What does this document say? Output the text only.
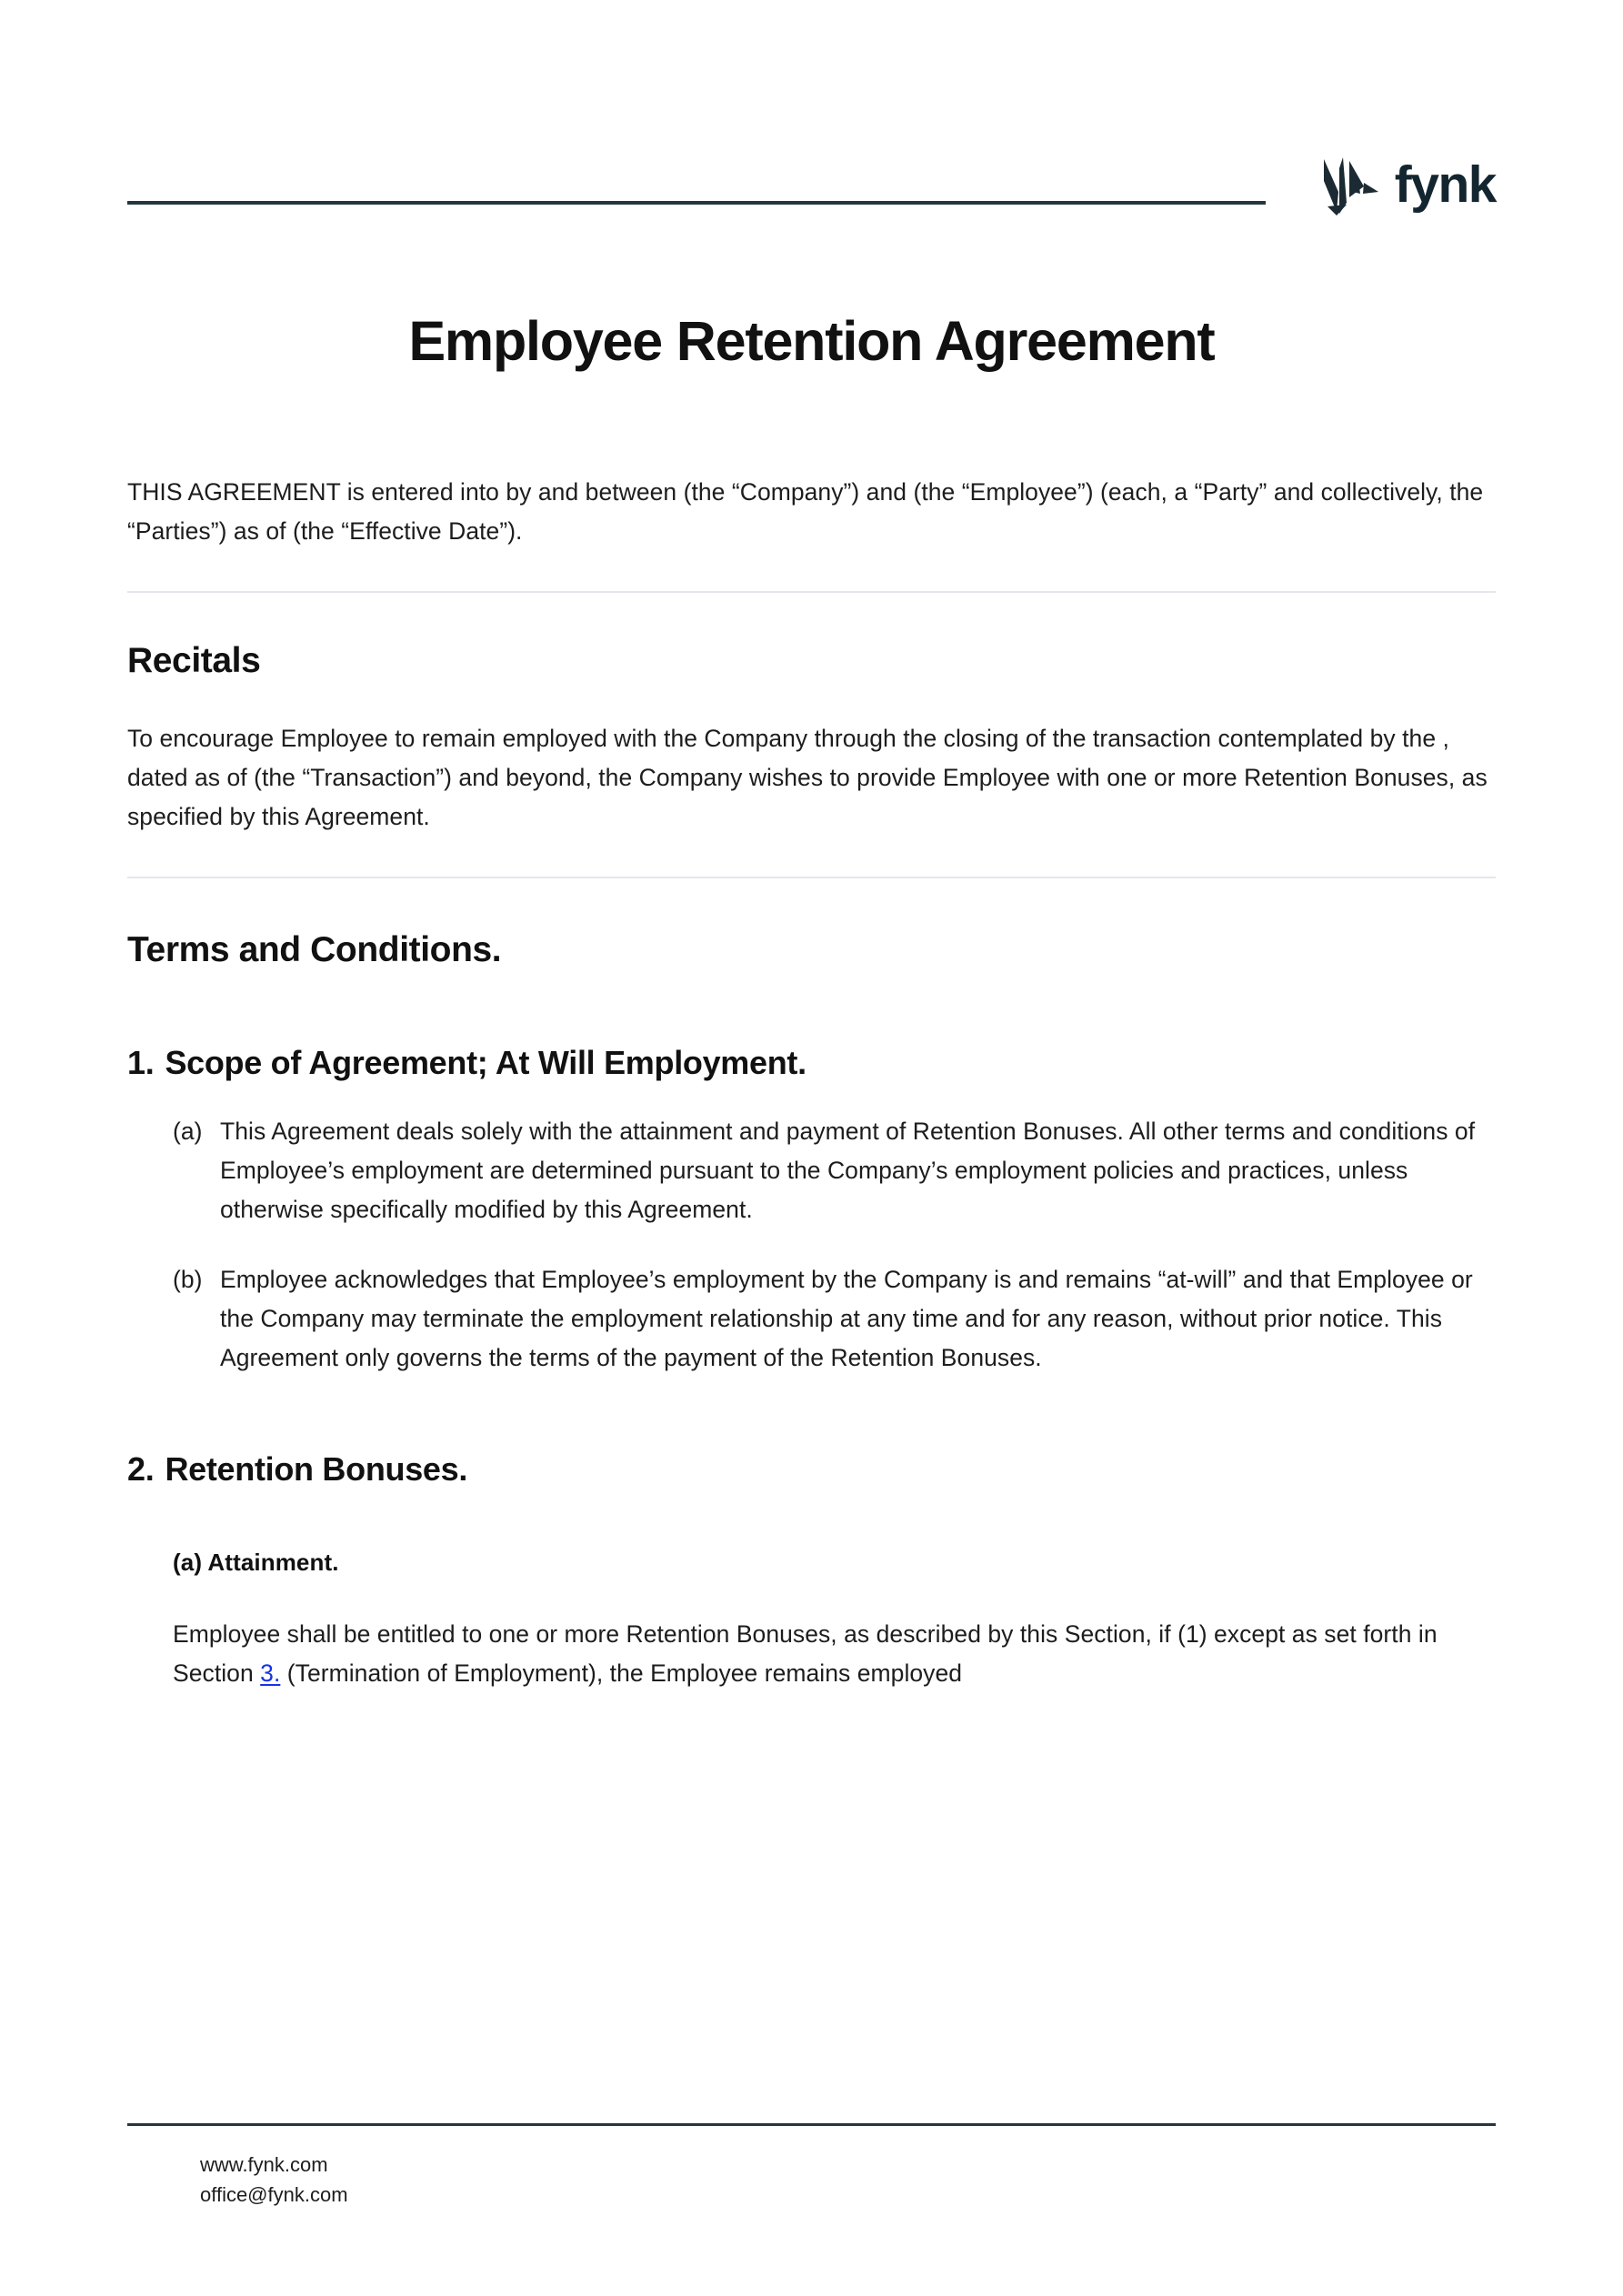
fynk
Employee Retention Agreement

THIS AGREEMENT is entered into by and between (the “Company”) and (the “Employee”) (each, a “Party” and collectively, the “Parties”) as of (the “Effective Date”).

Recitals

To encourage Employee to remain employed with the Company through the closing of the transaction contemplated by the , dated as of (the “Transaction”) and beyond, the Company wishes to provide Employee with one or more Retention Bonuses, as specified by this Agreement.

Terms and Conditions.
1. Scope of Agreement; At Will Employment.
(a) This Agreement deals solely with the attainment and payment of Retention Bonuses. All other terms and conditions of Employee’s employment are determined pursuant to the Company’s employment policies and practices, unless otherwise specifically modified by this Agreement.
(b) Employee acknowledges that Employee’s employment by the Company is and remains “at-will” and that Employee or the Company may terminate the employment relationship at any time and for any reason, without prior notice. This Agreement only governs the terms of the payment of the Retention Bonuses.
2. Retention Bonuses.
(a) Attainment.

Employee shall be entitled to one or more Retention Bonuses, as described by this Section, if (1) except as set forth in Section 3. (Termination of Employment), the Employee remains employed

www.fynk.com
office@fynk.com
